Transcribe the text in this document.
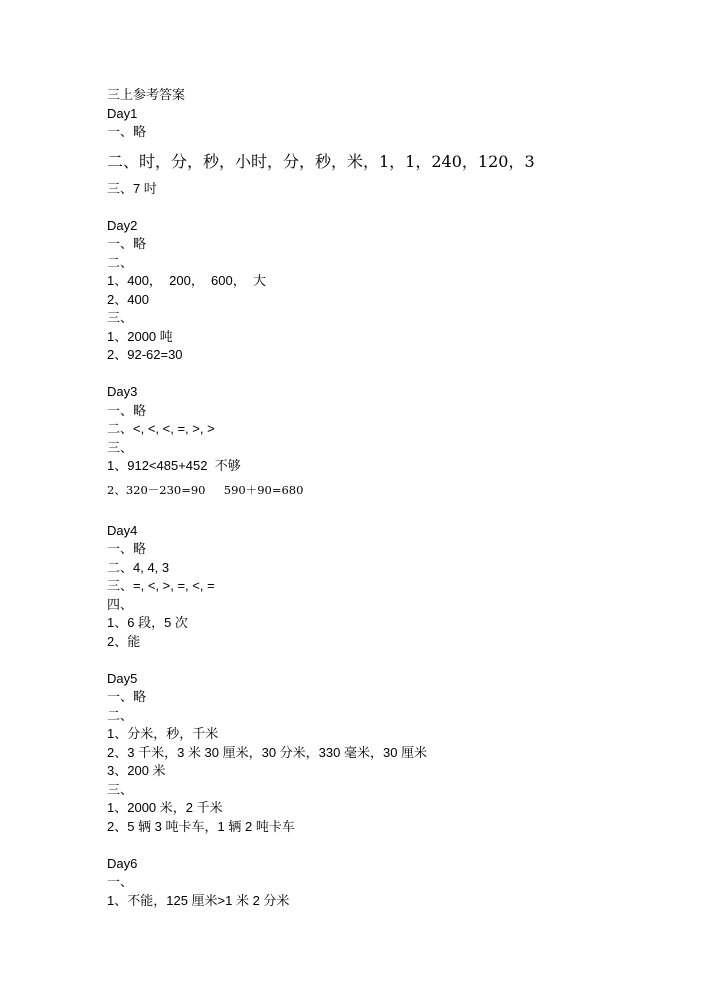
三上参考答案
Day1
一、略
二、时，分，秒，小时，分，秒，米，1，1，240，120，3
三、7 吋
Day2
一、略
二、
1、400，  200，  600，  大
2、400
三、
1、2000 吨
2、92-62=30
Day3
一、略
二、<, <, <, =, >, >
三、
1、912<485+452  不够
2、320－230=90     590＋90=680
Day4
一、略
二、4, 4, 3
三、=, <, >, =, <, =
四、
1、6 段，5 次
2、能
Day5
一、略
二、
1、分米，秒，千米
2、3 千米，3 米 30 厘米，30 分米，330 毫米，30 厘米
3、200 米
三、
1、2000 米，2 千米
2、5 辆 3 吨卡车，1 辆 2 吨卡车
Day6
一、
1、不能，125 厘米>1 米 2 分米
